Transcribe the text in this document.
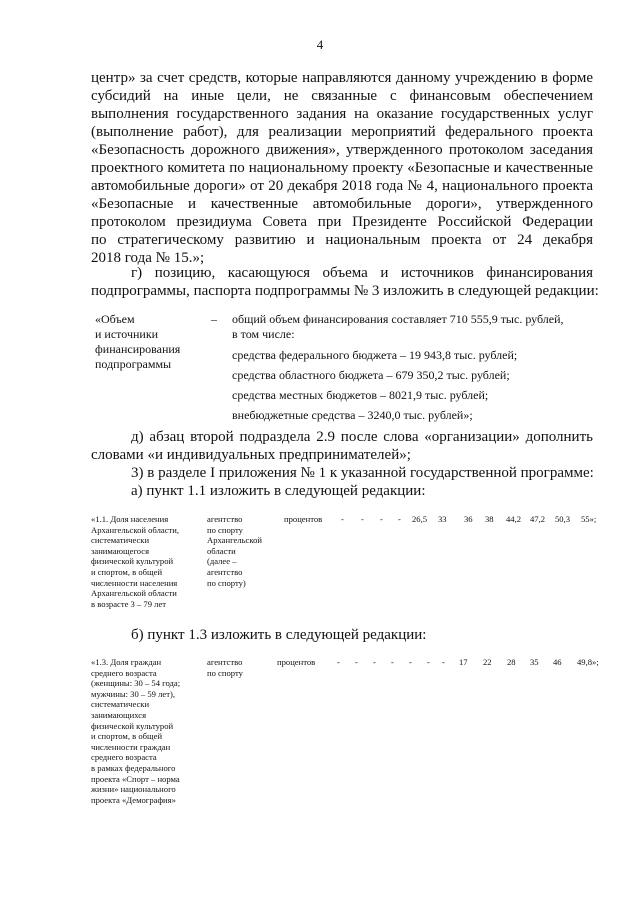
4
центр» за счет средств, которые направляются данному учреждению в форме
субсидий на иные цели, не связанные с финансовым обеспечением
выполнения государственного задания на оказание государственных услуг
(выполнение работ), для реализации мероприятий федерального проекта
«Безопасность дорожного движения», утвержденного протоколом заседания
проектного комитета по национальному проекту «Безопасные и качественные
автомобильные дороги» от 20 декабря 2018 года № 4, национального проекта
«Безопасные и качественные автомобильные дороги», утвержденного
протоколом президиума Совета при Президенте Российской Федерации
по стратегическому развитию и национальным проекта от 24 декабря
2018 года № 15.»;
г) позицию, касающуюся объема и источников финансирования
подпрограммы, паспорта подпрограммы № 3 изложить в следующей редакции:
«Объем
и источники
финансирования
подпрограммы
– общий объем финансирования составляет 710 555,9 тыс. рублей,
в том числе:
средства федерального бюджета – 19 943,8 тыс. рублей;
средства областного бюджета – 679 350,2 тыс. рублей;
средства местных бюджетов – 8021,9 тыс. рублей;
внебюджетные средства – 3240,0 тыс. рублей»;
д) абзац второй подраздела 2.9 после слова «организации» дополнить
словами «и индивидуальных предпринимателей»;
3) в разделе I приложения № 1 к указанной государственной программе:
а) пункт 1.1 изложить в следующей редакции:
«1.1. Доля населения
Архангельской области,
систематически
занимающегося
физической культурой
и спортом, в общей
численности населения
Архангельской области
в возрасте 3 – 79 лет
агентство
по спорту
Архангельской
области
(далее –
агентство
по спорту)
процентов - - - - 26,5 33 36 38 44,2 47,2 50,3 55»;
б) пункт 1.3 изложить в следующей редакции:
«1.3. Доля граждан
среднего возраста
(женщины: 30 – 54 года;
мужчины: 30 – 59 лет),
систематически
занимающихся
физической культурой
и спортом, в общей
численности граждан
среднего возраста
в рамках федерального
проекта «Спорт – норма
жизни» национального
проекта «Демография»
агентство
по спорту
процентов	- - - - - - - 17 22 28 35 46 49,8»;
